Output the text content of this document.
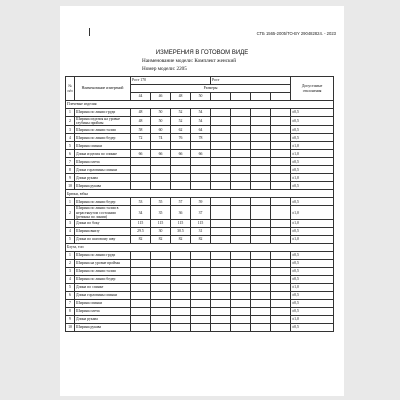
СТБ 1565-2005/ТО-BY 290482824. - 2023
ИЗМЕРЕНИЯ В ГОТОВОМ ВИДЕ
Наименование модели: Комплект женский
Номер модели: 2205
№ п/п	Наименование измерений	Рост 170				Рост				Допустимые отклонения
		Размеры								
		44	46	48	50					
Плечевые изделия										
1	Ширина по линии груди	48	50	52	54					±0,5
2	Ширина изделия на уровне глубины проймы	48	50	52	54					±0,5
3	Ширина по линии талии	58	60	62	64					±0,5
4	Ширина по линии бедер	72	74	76	78					±0,5
5	Ширина спинки									±1,0
6	Длина изделия по спинке	66	66	66	66					±1,0
7	Ширина плеча									±0,5
8	Длина горловины спинки									±0,5
9	Длина рукава									±1,0
10	Ширина рукава									±0,5
Брюки, юбка										
1	Ширина по линии бедер	53	55	57	59					±0,5
2	Ширина по линии талии в нерастянутом состоянии (резинка по линии)	34	35	36	37					±1,0
3	Длина по боку	115	115	115	115					±1,0
4	Ширина внизу	29.5	30	30.5	31					±0,5
5	Длина по шаговому шву	82	82	82	82					±1,0
Блуза, топ										
1	Ширина по линии груди									±0,5
2	Ширина на уровне проймы									±0,5
3	Ширина по линии талии									±0,5
4	Ширина по линии бедер									±0,5
5	Длина по спинке									±1,0
6	Длина горловины спинки									±0,5
7	Ширина спинки									±0,5
8	Ширина плеча									±0,5
9	Длина рукава									±1,0
10	Ширина рукава									±0,5
